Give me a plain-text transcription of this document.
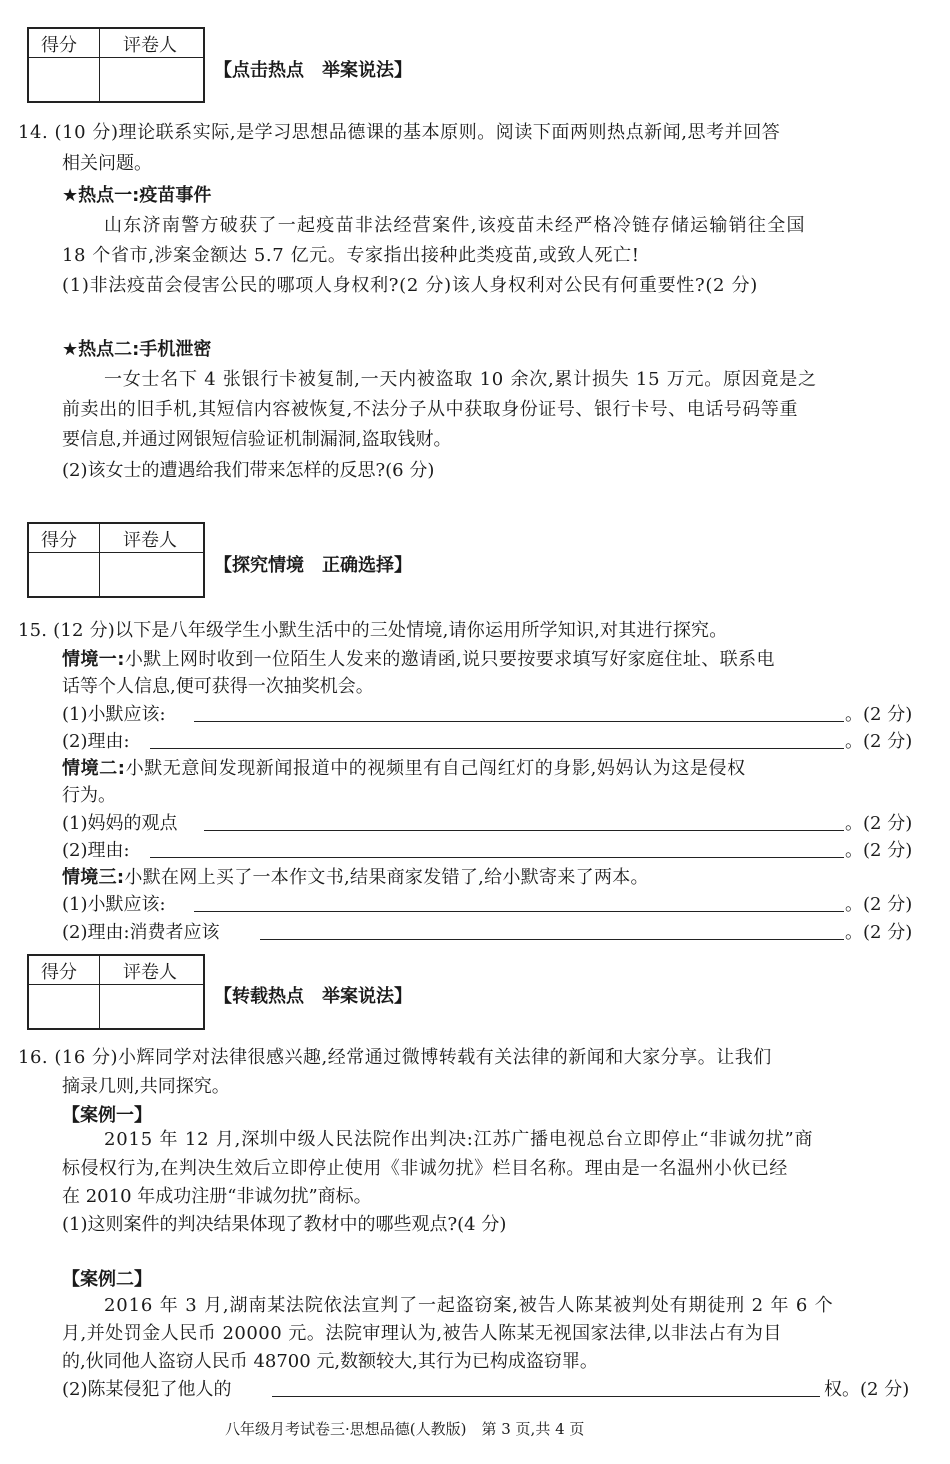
得分	评卷人
【点击热点　举案说法】
14. (10 分)理论联系实际,是学习思想品德课的基本原则。阅读下面两则热点新闻,思考并回答
相关问题。
★热点一:疫苗事件
山东济南警方破获了一起疫苗非法经营案件,该疫苗未经严格冷链存储运输销往全国
18 个省市,涉案金额达 5.7 亿元。专家指出接种此类疫苗,或致人死亡!
(1)非法疫苗会侵害公民的哪项人身权利?(2 分)该人身权利对公民有何重要性?(2 分)
★热点二:手机泄密
一女士名下 4 张银行卡被复制,一天内被盗取 10 余次,累计损失 15 万元。原因竟是之
前卖出的旧手机,其短信内容被恢复,不法分子从中获取身份证号、银行卡号、电话号码等重
要信息,并通过网银短信验证机制漏洞,盗取钱财。
(2)该女士的遭遇给我们带来怎样的反思?(6 分)
得分	评卷人
【探究情境　正确选择】
15. (12 分)以下是八年级学生小默生活中的三处情境,请你运用所学知识,对其进行探究。
情境一:小默上网时收到一位陌生人发来的邀请函,说只要按要求填写好家庭住址、联系电
话等个人信息,便可获得一次抽奖机会。
(1)小默应该:	。(2 分)
(2)理由:	。(2 分)
情境二:小默无意间发现新闻报道中的视频里有自己闯红灯的身影,妈妈认为这是侵权
行为。
(1)妈妈的观点	。(2 分)
(2)理由:	。(2 分)
情境三:小默在网上买了一本作文书,结果商家发错了,给小默寄来了两本。
(1)小默应该:	。(2 分)
(2)理由:消费者应该	。(2 分)
得分	评卷人
【转载热点　举案说法】
16. (16 分)小辉同学对法律很感兴趣,经常通过微博转载有关法律的新闻和大家分享。让我们
摘录几则,共同探究。
【案例一】
2015 年 12 月,深圳中级人民法院作出判决:江苏广播电视总台立即停止“非诚勿扰”商
标侵权行为,在判决生效后立即停止使用《非诚勿扰》栏目名称。理由是一名温州小伙已经
在 2010 年成功注册“非诚勿扰”商标。
(1)这则案件的判决结果体现了教材中的哪些观点?(4 分)
【案例二】
2016 年 3 月,湖南某法院依法宣判了一起盗窃案,被告人陈某被判处有期徒刑 2 年 6 个
月,并处罚金人民币 20000 元。法院审理认为,被告人陈某无视国家法律,以非法占有为目
的,伙同他人盗窃人民币 48700 元,数额较大,其行为已构成盗窃罪。
(2)陈某侵犯了他人的	权。(2 分)
八年级月考试卷三·思想品德(人教版)　第 3 页,共 4 页
